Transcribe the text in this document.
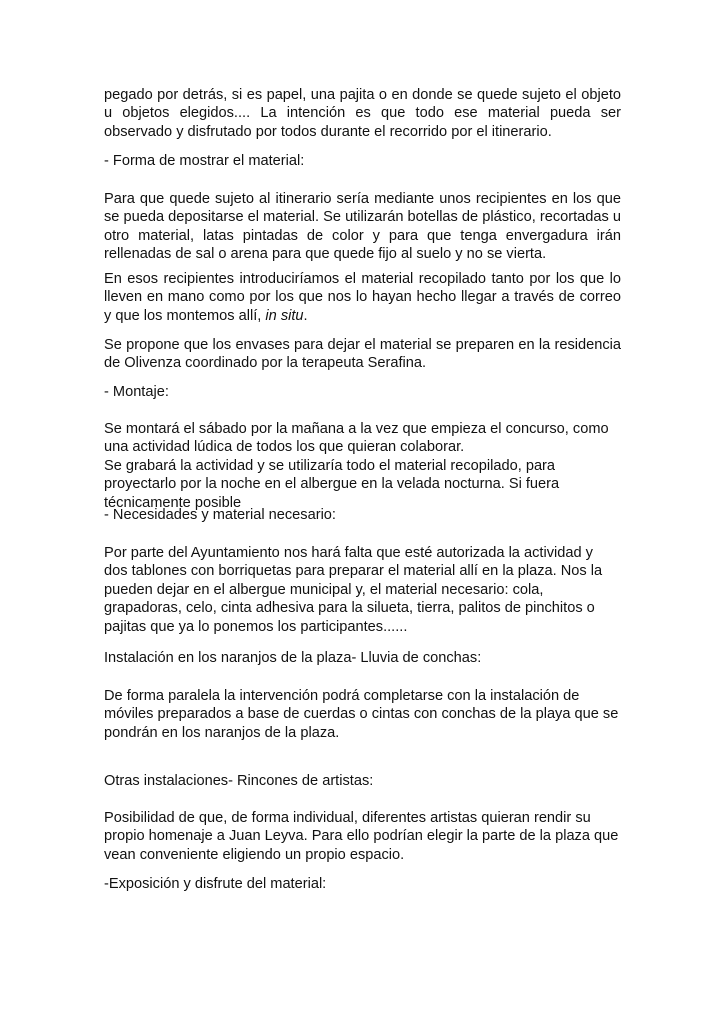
pegado por detrás, si es papel, una pajita o en donde se quede sujeto el objeto
u objetos elegidos.... La intención es que todo ese material pueda ser
observado y disfrutado por todos durante el recorrido por el itinerario.
- Forma de mostrar el material:
Para que quede sujeto al itinerario sería mediante unos recipientes en los que
se pueda depositarse el material. Se utilizarán botellas de plástico, recortadas u
otro material, latas pintadas de color y para que tenga envergadura irán
rellenadas de sal o arena para que quede fijo al suelo y no se vierta.
En esos recipientes introduciríamos el material recopilado tanto por los que lo
lleven en mano como por los que nos lo hayan hecho llegar a través de correo
y que los montemos allí, in situ.
Se propone que los envases para dejar el material se preparen en la residencia
de Olivenza coordinado por la terapeuta Serafina.
- Montaje:
Se montará el sábado por la mañana a la vez que empieza el concurso, como
una actividad lúdica de todos los que quieran colaborar.
Se grabará la actividad y se utilizaría todo el material recopilado, para
proyectarlo por la noche en el albergue en la velada nocturna. Si fuera
técnicamente posible
- Necesidades y material necesario:
Por parte del Ayuntamiento nos hará falta que esté autorizada la actividad y
dos tablones con borriquetas para preparar el material allí en la plaza. Nos la
pueden dejar en el albergue municipal y, el material necesario: cola,
grapadoras, celo, cinta adhesiva para la silueta, tierra, palitos de pinchitos o
pajitas que ya lo ponemos los participantes......
Instalación en los naranjos de la plaza- Lluvia de conchas:
De forma paralela la intervención podrá completarse con la instalación de
móviles preparados a base de cuerdas o cintas con conchas de la playa que se
pondrán en los naranjos de la plaza.
Otras instalaciones- Rincones de artistas:
Posibilidad de que, de forma individual, diferentes artistas quieran rendir su
propio homenaje a Juan Leyva. Para ello podrían elegir la parte de la plaza que
vean conveniente eligiendo un propio espacio.
-Exposición y disfrute del material:
